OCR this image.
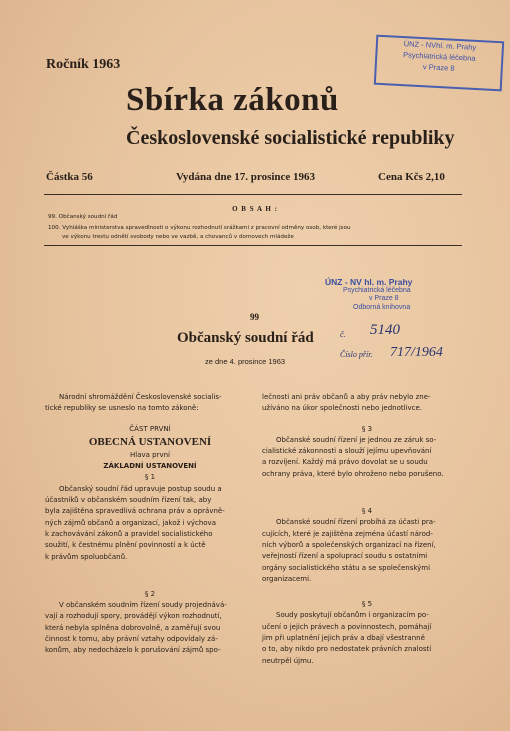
Ročník 1963
Sbírka zákonů
Československé socialistické republiky
ÚNZ - NVhl. m. Prahy
Psychiatrická léčebna
v Praze 8
Částka 56	Vydána dne 17. prosince 1963	Cena Kčs 2,10
O B S A H :
99. Občanský soudní řád
100. Vyhláška ministerstva spravedlnosti o výkonu rozhodnutí srážkami z pracovní odměny osob, které jsou
ve výkonu trestu odnětí svobody nebo ve vazbě, a chovanců v domovech mládeže
ÚNZ - NV hl. m. Prahy
Psychiatrická léčebna
v Praze 8
Odborná knihovna
č. 5140
Číslo přír. 717/1964
99
Občanský soudní řád
ze dne 4. prosince 1963

Národní shromáždění Československé socialis-

tické republiky se usneslo na tomto zákoně:

ČÁST PRVNÍ

OBECNÁ USTANOVENÍ

Hlava první

ZÁKLADNÍ USTANOVENÍ

§ 1

Občanský soudní řád upravuje postup soudu a

účastníků v občanském soudním řízení tak, aby

byla zajištěna spravedlivá ochrana práv a oprávně-

ných zájmů občanů a organizací, jakož i výchova

k zachovávání zákonů a pravidel socialistického

soužití, k čestnému plnění povinností a k úctě

k právům spoluobčanů.

§ 2

V občanském soudním řízení soudy projednává-

vají a rozhodují spory, provádějí výkon rozhodnutí,

která nebyla splněna dobrovolně, a zaměřují svou

činnost k tomu, aby právní vztahy odpovídaly zá-

konům, aby nedocházelo k porušování zájmů spo-

lečnosti ani práv občanů a aby práv nebylo zne-

užíváno na úkor společnosti nebo jednotlivce.

§ 3

Občanské soudní řízení je jednou ze záruk so-

cialistické zákonnosti a slouží jejímu upevňování

a rozvíjení. Každý má právo dovolat se u soudu

ochrany práva, které bylo ohroženo nebo porušeno.

§ 4

Občanské soudní řízení probíhá za účasti pra-

cujících, které je zajištěna zejména účastí národ-

ních výborů a společenských organizací na řízení,

veřejností řízení a spoluprací soudu s ostatními

orgány socialistického státu a se společenskými

organizacemi.

§ 5

Soudy poskytují občanům i organizacím po-

učení o jejich právech a povinnostech, pomáhají

jim při uplatnění jejich práv a dbají všestranně

o to, aby nikdo pro nedostatek právních znalostí

neutrpěl újmu.
